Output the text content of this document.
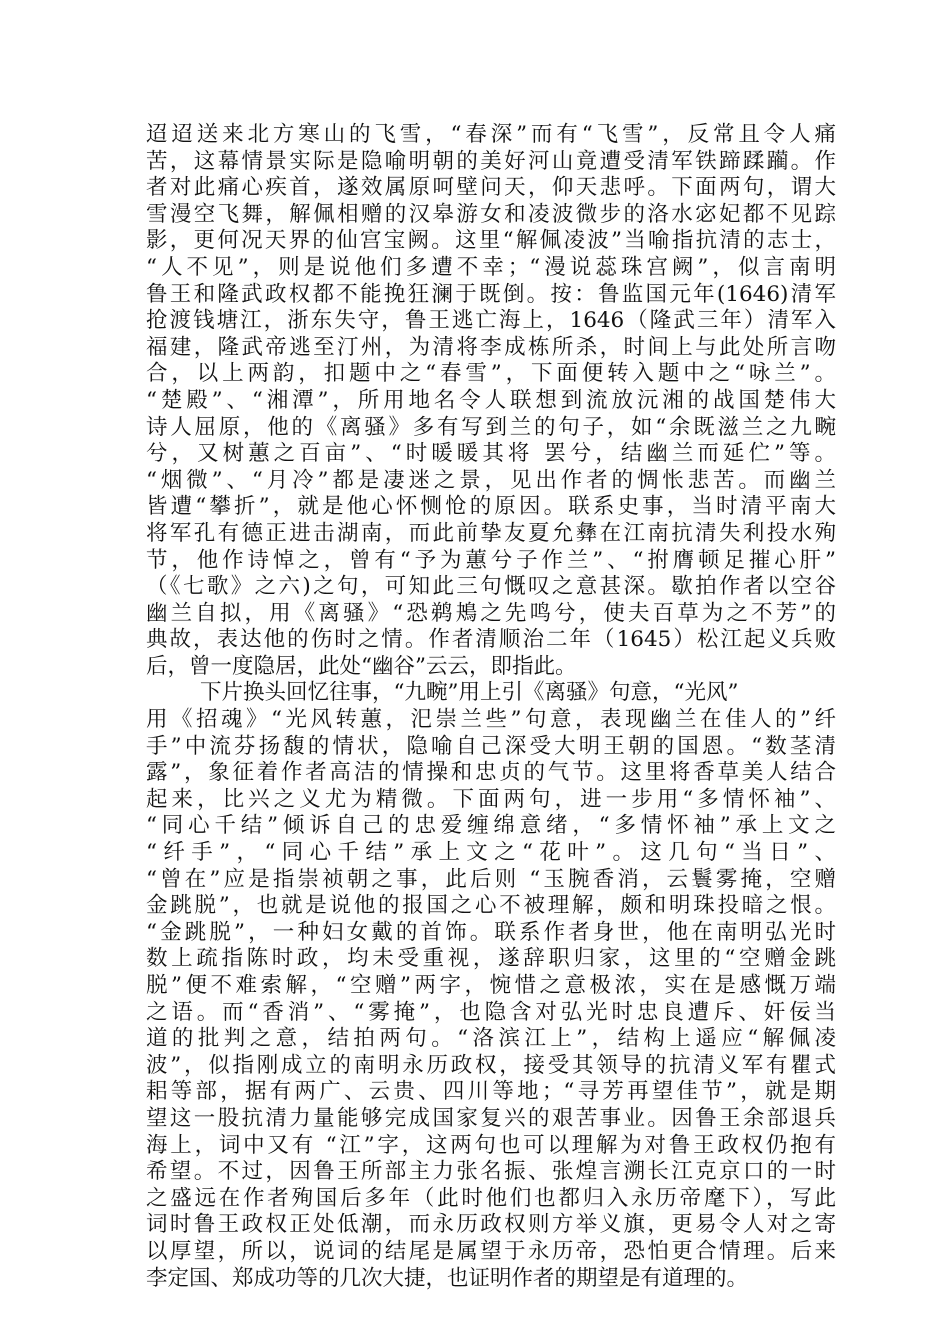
迢迢送来北方寒山的飞雪，“春深”而有“飞雪”，反常且令人痛
苦，这幕情景实际是隐喻明朝的美好河山竟遭受清军铁蹄蹂躏。作
者对此痛心疾首，遂效属原呵壁问天，仰天悲呼。下面两句，谓大
雪漫空飞舞，解佩相赠的汉皋游女和凌波微步的洛水宓妃都不见踪
影，更何况天界的仙宫宝阙。这里“解佩凌波”当喻指抗清的志士，
“人不见”，则是说他们多遭不幸；“漫说蕊珠宫阙”，似言南明
鲁王和隆武政权都不能挽狂澜于既倒。按：鲁监国元年(1646)清军
抢渡钱塘江，浙东失守，鲁王逃亡海上，1646（隆武三年）清军入
福建，隆武帝逃至汀州，为清将李成栋所杀，时间上与此处所言吻
合，以上两韵，扣题中之“春雪”，下面便转入题中之“咏兰”。
“楚殿”、“湘潭”，所用地名令人联想到流放沅湘的战国楚伟大
诗人屈原，他的《离骚》多有写到兰的句子，如“余既滋兰之九畹
兮，又树蕙之百亩”、“时暖暖其将 罢兮，结幽兰而延伫”等。
“烟微”、“月冷”都是凄迷之景，见出作者的惆怅悲苦。而幽兰
皆遭“攀折”，就是他心怀恻怆的原因。联系史事，当时清平南大
将军孔有德正进击湖南，而此前挚友夏允彝在江南抗清失利投水殉
节，他作诗悼之，曾有“予为蕙兮子作兰”、“拊膺顿足摧心肝”
（《七歌》之六)之句，可知此三句慨叹之意甚深。歇拍作者以空谷
幽兰自拟，用《离骚》“恐鹈鴂之先鸣兮，使夫百草为之不芳”的
典故，表达他的伤时之情。作者清顺治二年（1645）松江起义兵败
后，曾一度隐居，此处“幽谷”云云，即指此。
下片换头回忆往事，“九畹”用上引《离骚》句意，“光风”
用《招魂》“光风转蕙，汜崇兰些”句意，表现幽兰在佳人的”纤
手”中流芬扬馥的情状，隐喻自己深受大明王朝的国恩。“数茎清
露”，象征着作者高洁的情操和忠贞的气节。这里将香草美人结合
起来，比兴之义尤为精微。下面两句，进一步用“多情怀袖”、
“同心千结”倾诉自己的忠爱缠绵意绪，“多情怀袖”承上文之
“纤手”，“同心千结”承上文之“花叶”。这几句“当日”、
“曾在”应是指崇祯朝之事，此后则 “玉腕香消，云鬟雾掩，空赠
金跳脱”，也就是说他的报国之心不被理解，颇和明珠投暗之恨。
“金跳脱”，一种妇女戴的首饰。联系作者身世，他在南明弘光时
数上疏指陈时政，均未受重视，遂辞职归家，这里的“空赠金跳
脱”便不难索解，“空赠”两字，惋惜之意极浓，实在是感慨万端
之语。而“香消”、“雾掩”，也隐含对弘光时忠良遭斥、奸佞当
道的批判之意，结拍两句。“洛滨江上”，结构上遥应“解佩凌
波”，似指刚成立的南明永历政权，接受其领导的抗清义军有瞿式
耜等部，据有两广、云贵、四川等地；“寻芳再望佳节”，就是期
望这一股抗清力量能够完成国家复兴的艰苦事业。因鲁王余部退兵
海上，词中又有 “江”字，这两句也可以理解为对鲁王政权仍抱有
希望。不过，因鲁王所部主力张名振、张煌言溯长江克京口的一时
之盛远在作者殉国后多年（此时他们也都归入永历帝麾下），写此
词时鲁王政权正处低潮，而永历政权则方举义旗，更易令人对之寄
以厚望，所以，说词的结尾是属望于永历帝，恐怕更合情理。后来
李定国、郑成功等的几次大捷，也证明作者的期望是有道理的。
